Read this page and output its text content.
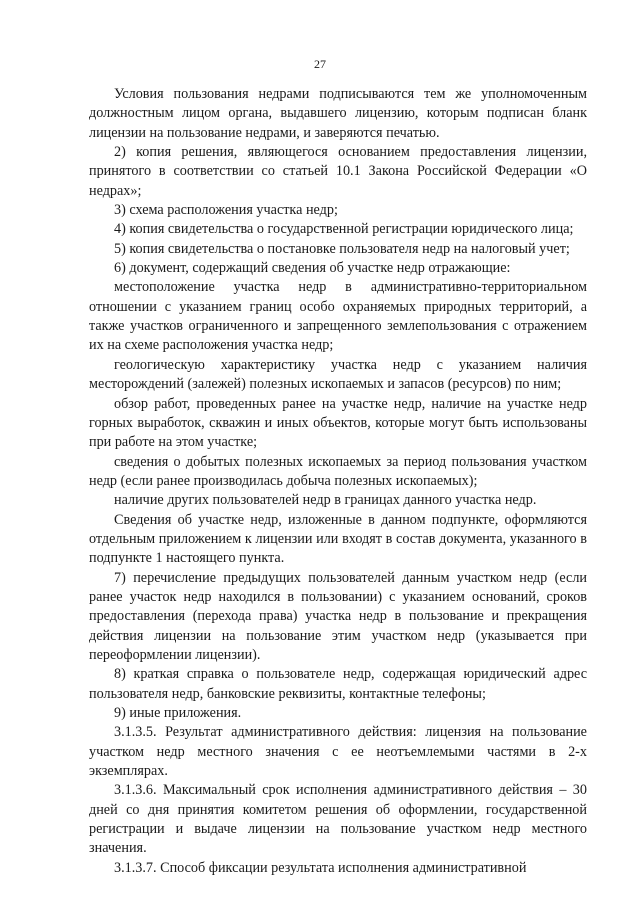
27

Условия пользования недрами подписываются тем же уполномоченным должностным лицом органа, выдавшего лицензию, которым подписан бланк лицензии на пользование недрами, и заверяются печатью.

2) копия решения, являющегося основанием предоставления лицензии, принятого в соответствии со статьей 10.1 Закона Российской Федерации «О недрах»;

3) схема расположения участка недр;

4) копия свидетельства о государственной регистрации юридического лица;

5) копия свидетельства о постановке пользователя недр на налоговый учет;

6) документ, содержащий сведения об участке недр отражающие:

местоположение участка недр в административно-территориальном отношении с указанием границ особо охраняемых природных территорий, а также участков ограниченного и запрещенного землепользования с отражением их на схеме расположения участка недр;

геологическую характеристику участка недр с указанием наличия месторождений (залежей) полезных ископаемых и запасов (ресурсов) по ним;

обзор работ, проведенных ранее на участке недр, наличие на участке недр горных выработок, скважин и иных объектов, которые могут быть использованы при работе на этом участке;

сведения о добытых полезных ископаемых за период пользования участком недр (если ранее производилась добыча полезных ископаемых);

наличие других пользователей недр в границах данного участка недр.

Сведения об участке недр, изложенные в данном подпункте, оформляются отдельным приложением к лицензии или входят в состав документа, указанного в подпункте 1 настоящего пункта.

7) перечисление предыдущих пользователей данным участком недр (если ранее участок недр находился в пользовании) с указанием оснований, сроков предоставления (перехода права) участка недр в пользование и прекращения действия лицензии на пользование этим участком недр (указывается при переоформлении лицензии).

8) краткая справка о пользователе недр, содержащая юридический адрес пользователя недр, банковские реквизиты, контактные телефоны;

9) иные приложения.

3.1.3.5. Результат административного действия: лицензия на пользование участком недр местного значения с ее неотъемлемыми частями в 2-х экземплярах.

3.1.3.6. Максимальный срок исполнения административного действия – 30 дней со дня принятия комитетом решения об оформлении, государственной регистрации и выдаче лицензии на пользование участком недр местного значения.

3.1.3.7. Способ фиксации результата исполнения административной
